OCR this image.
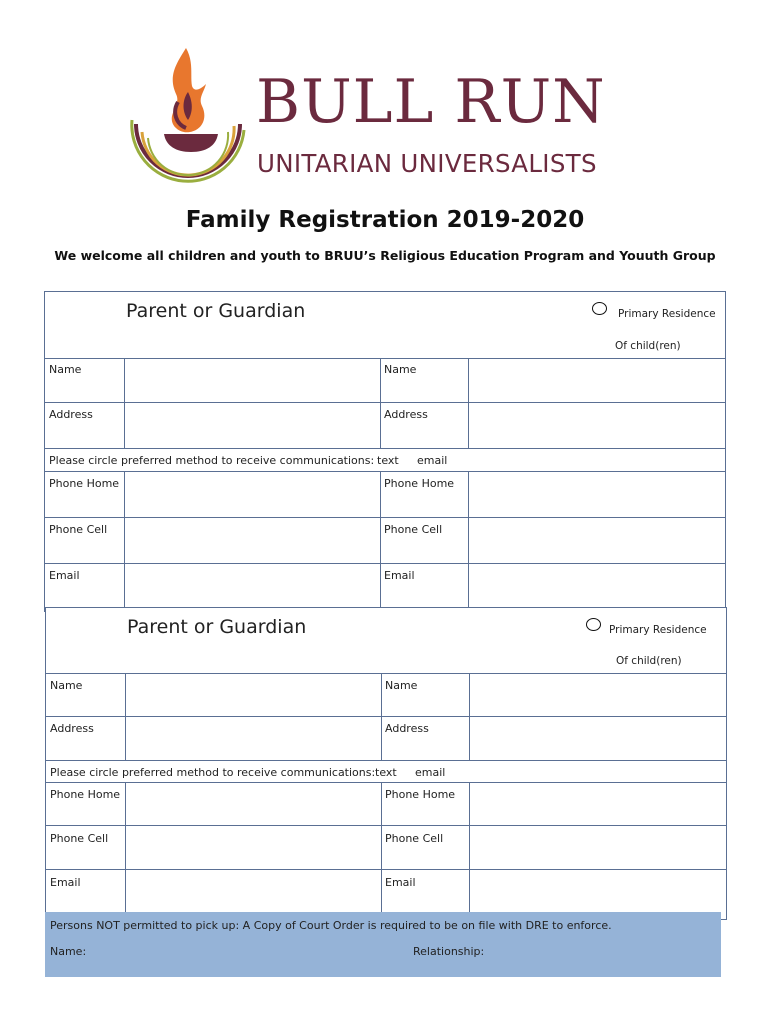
BULL RUN
UNITARIAN UNIVERSALISTS
Family Registration 2019-2020
We welcome all children and youth to BRUU’s Religious Education Program and Youuth Group
Parent or Guardian	Primary Residence
Of child(ren)
Name	Name
Address	Address
Please circle preferred method to receive communications: text email
Phone Home	Phone Home
Phone Cell	Phone Cell
Email	Email
Parent or Guardian	Primary Residence
Of child(ren)
Name	Name
Address	Address
Please circle preferred method to receive communications: text email
Phone Home	Phone Home
Phone Cell	Phone Cell
Email	Email
Persons NOT permitted to pick up: A Copy of Court Order is required to be on file with DRE to enforce.
Name:	Relationship:
